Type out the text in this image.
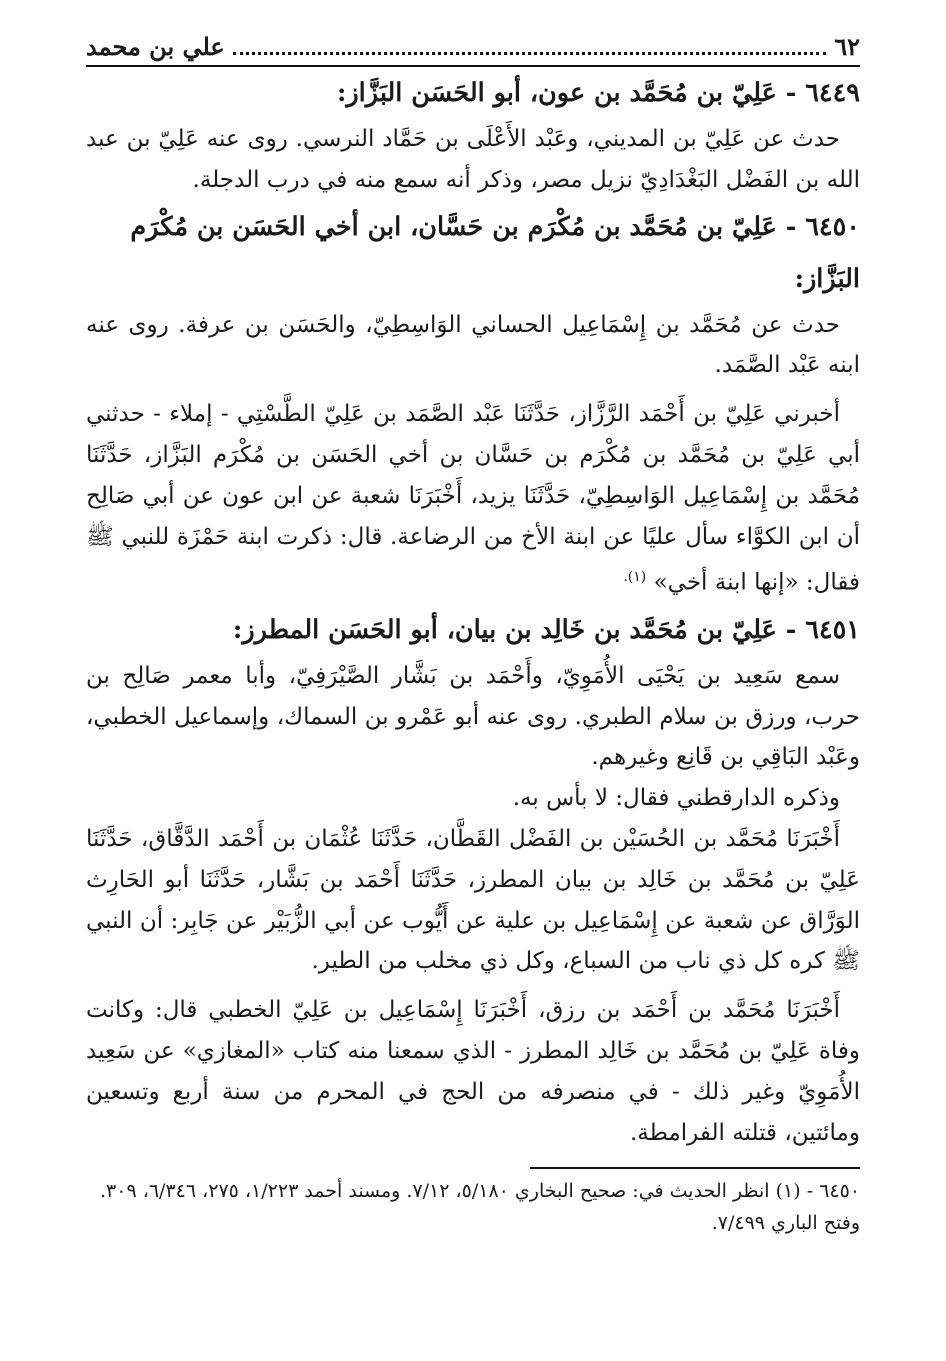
٦٢
علي بن محمد

٦٤٤٩ - عَلِيّ بن مُحَمَّد بن عون، أبو الحَسَن البَزَّاز:

حدث عن عَلِيّ بن المديني، وعَبْد الأَعْلَى بن حَمَّاد النرسي. روى عنه عَلِيّ بن عبد الله بن الفَضْل البَغْدَادِيّ نزيل مصر، وذكر أنه سمع منه في درب الدجلة.

٦٤٥٠ - عَلِيّ بن مُحَمَّد بن مُكْرَم بن حَسَّان، ابن أخي الحَسَن بن مُكْرَم البَزَّاز:

حدث عن مُحَمَّد بن إِسْمَاعِيل الحساني الوَاسِطِيّ، والحَسَن بن عرفة. روى عنه ابنه عَبْد الصَّمَد.

أخبرني عَلِيّ بن أَحْمَد الرَّزَّاز، حَدَّثَنَا عَبْد الصَّمَد بن عَلِيّ الطَّسْتِي - إملاء - حدثني أبي عَلِيّ بن مُحَمَّد بن مُكْرَم بن حَسَّان بن أخي الحَسَن بن مُكْرَم البَزَّاز، حَدَّثَنَا مُحَمَّد بن إِسْمَاعِيل الوَاسِطِيّ، حَدَّثَنَا يزيد، أَخْبَرَنَا شعبة عن ابن عون عن أبي صَالِح أن ابن الكوَّاء سأل عليًا عن ابنة الأخ من الرضاعة. قال: ذكرت ابنة حَمْزَة للنبي ﷺ فقال: «إنها ابنة أخي» $^{(١).}$

٦٤٥١ - عَلِيّ بن مُحَمَّد بن خَالِد بن بيان، أبو الحَسَن المطرز:

سمع سَعِيد بن يَحْيَى الأُمَوِيّ، وأَحْمَد بن بَشَّار الصَّيْرَفِيّ، وأبا معمر صَالِح بن حرب، ورزق بن سلام الطبري. روى عنه أبو عَمْرو بن السماك، وإسماعيل الخطبي، وعَبْد البَاقِي بن قَانِع وغيرهم.

وذكره الدارقطني فقال: لا بأس به.

أَخْبَرَنَا مُحَمَّد بن الحُسَيْن بن الفَضْل القَطَّان، حَدَّثَنَا عُثْمَان بن أَحْمَد الدَّقَّاق، حَدَّثَنَا عَلِيّ بن مُحَمَّد بن خَالِد بن بيان المطرز، حَدَّثَنَا أَحْمَد بن بَشَّار، حَدَّثَنَا أبو الحَارِث الوَرَّاق عن شعبة عن إِسْمَاعِيل بن علية عن أَيُّوب عن أبي الزُّبَيْر عن جَابِر: أن النبي ﷺ كره كل ذي ناب من السباع، وكل ذي مخلب من الطير.

أَخْبَرَنَا مُحَمَّد بن أَحْمَد بن رزق، أَخْبَرَنَا إِسْمَاعِيل بن عَلِيّ الخطبي قال: وكانت وفاة عَلِيّ بن مُحَمَّد بن خَالِد المطرز - الذي سمعنا منه كتاب «المغازي» عن سَعِيد الأُمَوِيّ وغير ذلك - في منصرفه من الحج في المحرم من سنة أربع وتسعين ومائتين، قتلته الفرامطة.

٦٤٥٠ - (١) انظر الحديث في: صحيح البخاري ٥/١٨٠، ٧/١٢. ومسند أحمد ١/٢٢٣، ٢٧٥، ٦/٣٤٦، ٣٠٩. وفتح الباري ٧/٤٩٩.
